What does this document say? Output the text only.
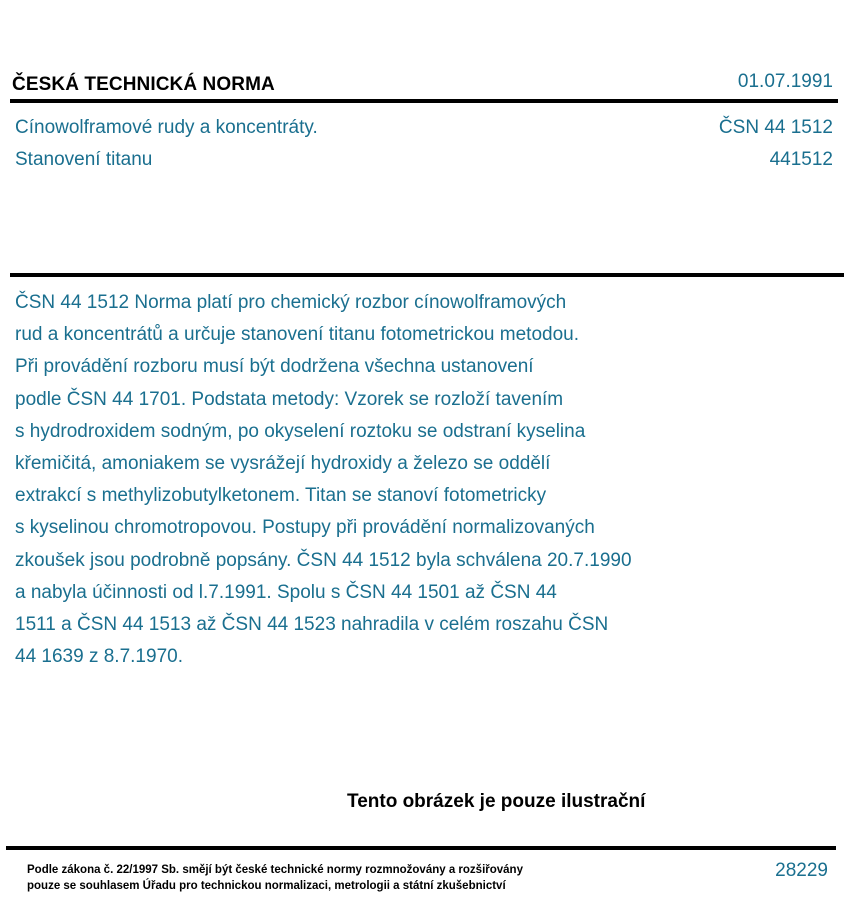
ČESKÁ TECHNICKÁ NORMA	01.07.1991
Cínowolframové rudy a koncentráty.
Stanovení titanu
ČSN 44 1512
441512
ČSN 44 1512 Norma platí pro chemický rozbor cínowolframových
rud a koncentrátů a určuje stanovení titanu fotometrickou metodou.
Při provádění rozboru musí být dodržena všechna ustanovení
podle ČSN 44 1701. Podstata metody: Vzorek se rozloží tavením
s hydrodroxidem sodným, po okyselení roztoku se odstraní kyselina
křemičitá, amoniakem se vysrážejí hydroxidy a železo se oddělí
extrakcí s methylizobutylketonem. Titan se stanoví fotometricky
s kyselinou chromotropovou. Postupy při provádění normalizovaných
zkoušek jsou podrobně popsány. ČSN 44 1512 byla schválena 20.7.1990
a nabyla účinnosti od l.7.1991. Spolu s ČSN 44 1501 až ČSN 44
1511 a ČSN 44 1513 až ČSN 44 1523 nahradila v celém roszahu ČSN
44 1639 z 8.7.1970.
Tento obrázek je pouze ilustrační
Podle zákona č. 22/1997 Sb. smějí být české technické normy rozmnožovány a rozšiřovány
pouze se souhlasem Úřadu pro technickou normalizaci, metrologii a státní zkušebnictví
28229
